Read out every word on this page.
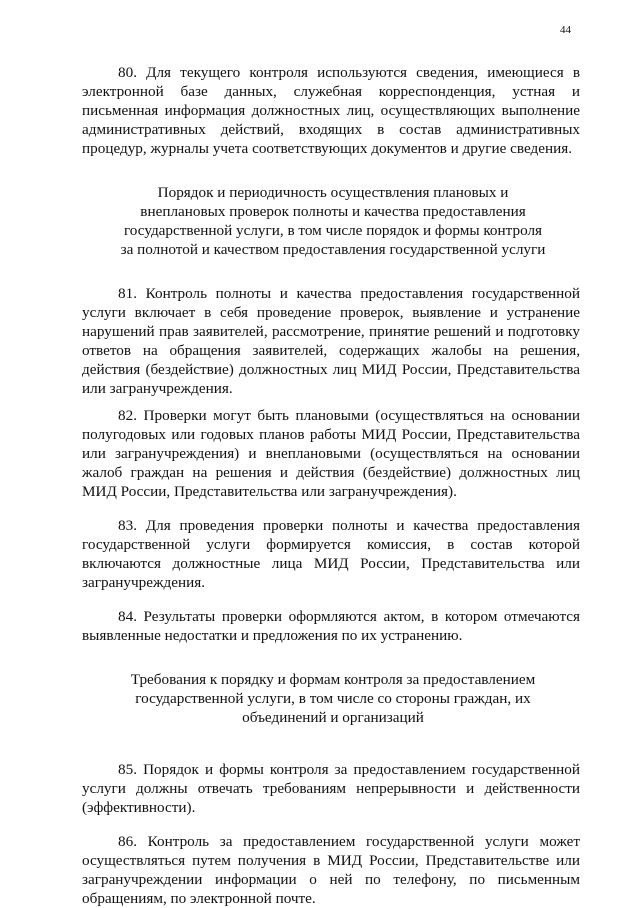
44

80. Для текущего контроля используются сведения, имеющиеся в электронной базе данных, служебная корреспонденция, устная и письменная информация должностных лиц, осуществляющих выполнение административных действий, входящих в состав административных процедур, журналы учета соответствующих документов и другие сведения.

Порядок и периодичность осуществления плановых и внеплановых проверок полноты и качества предоставления государственной услуги, в том числе порядок и формы контроля за полнотой и качеством предоставления государственной услуги

81. Контроль полноты и качества предоставления государственной услуги включает в себя проведение проверок, выявление и устранение нарушений прав заявителей, рассмотрение, принятие решений и подготовку ответов на обращения заявителей, содержащих жалобы на решения, действия (бездействие) должностных лиц МИД России, Представительства или загранучреждения.

82. Проверки могут быть плановыми (осуществляться на основании полугодовых или годовых планов работы МИД России, Представительства или загранучреждения) и внеплановыми (осуществляться на основании жалоб граждан на решения и действия (бездействие) должностных лиц МИД России, Представительства или загранучреждения).

83. Для проведения проверки полноты и качества предоставления государственной услуги формируется комиссия, в состав которой включаются должностные лица МИД России, Представительства или загранучреждения.

84. Результаты проверки оформляются актом, в котором отмечаются выявленные недостатки и предложения по их устранению.

Требования к порядку и формам контроля за предоставлением государственной услуги, в том числе со стороны граждан, их объединений и организаций

85. Порядок и формы контроля за предоставлением государственной услуги должны отвечать требованиям непрерывности и действенности (эффективности).

86. Контроль за предоставлением государственной услуги может осуществляться путем получения в МИД России, Представительстве или загранучреждении информации о ней по телефону, по письменным обращениям, по электронной почте.
